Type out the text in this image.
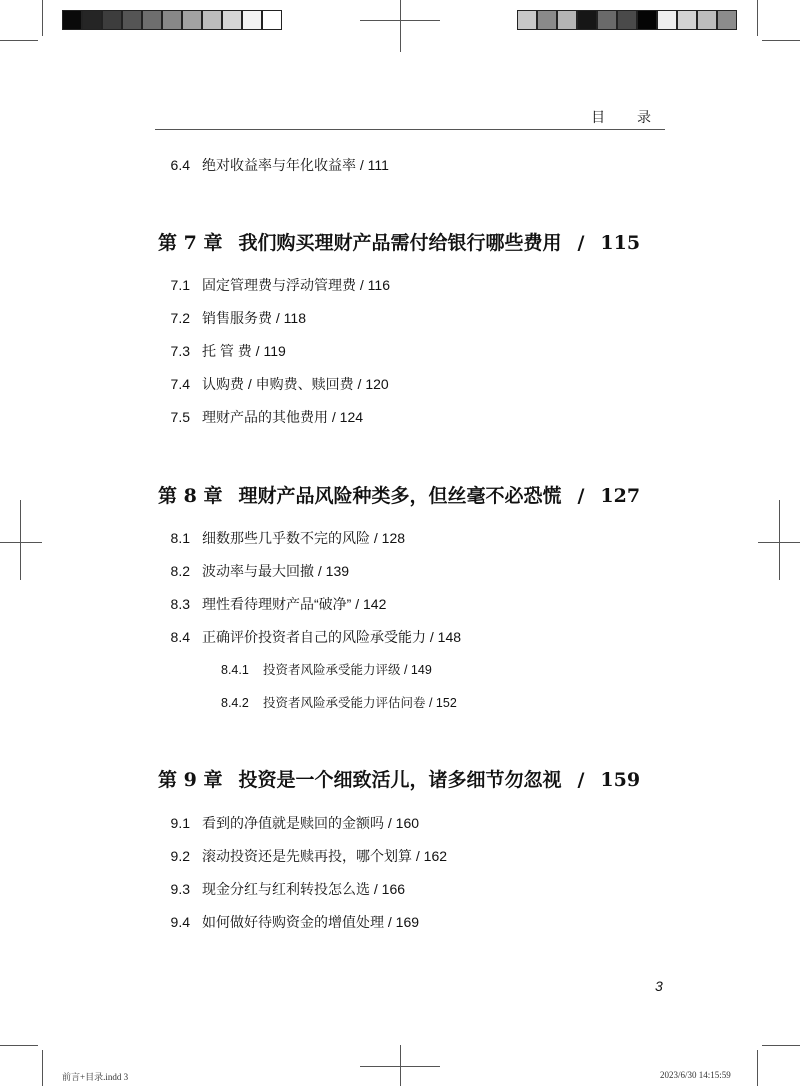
目 录
6.4 绝对收益率与年化收益率 / 111
第 7 章 我们购买理财产品需付给银行哪些费用 / 115
7.1 固定管理费与浮动管理费 / 116
7.2 销售服务费 / 118
7.3 托 管 费 / 119
7.4 认购费 / 申购费、赎回费 / 120
7.5 理财产品的其他费用 / 124
第 8 章 理财产品风险种类多，但丝毫不必恐慌 / 127
8.1 细数那些几乎数不完的风险 / 128
8.2 波动率与最大回撤 / 139
8.3 理性看待理财产品“破净” / 142
8.4 正确评价投资者自己的风险承受能力 / 148
8.4.1 投资者风险承受能力评级 / 149
8.4.2 投资者风险承受能力评估问卷 / 152
第 9 章 投资是一个细致活儿，诸多细节勿忽视 / 159
9.1 看到的净值就是赎回的金额吗 / 160
9.2 滚动投资还是先赎再投，哪个划算 / 162
9.3 现金分红与红利转投怎么选 / 166
9.4 如何做好待购资金的增值处理 / 169
3
前言+目录.indd 3	2023/6/30 14:15:59
